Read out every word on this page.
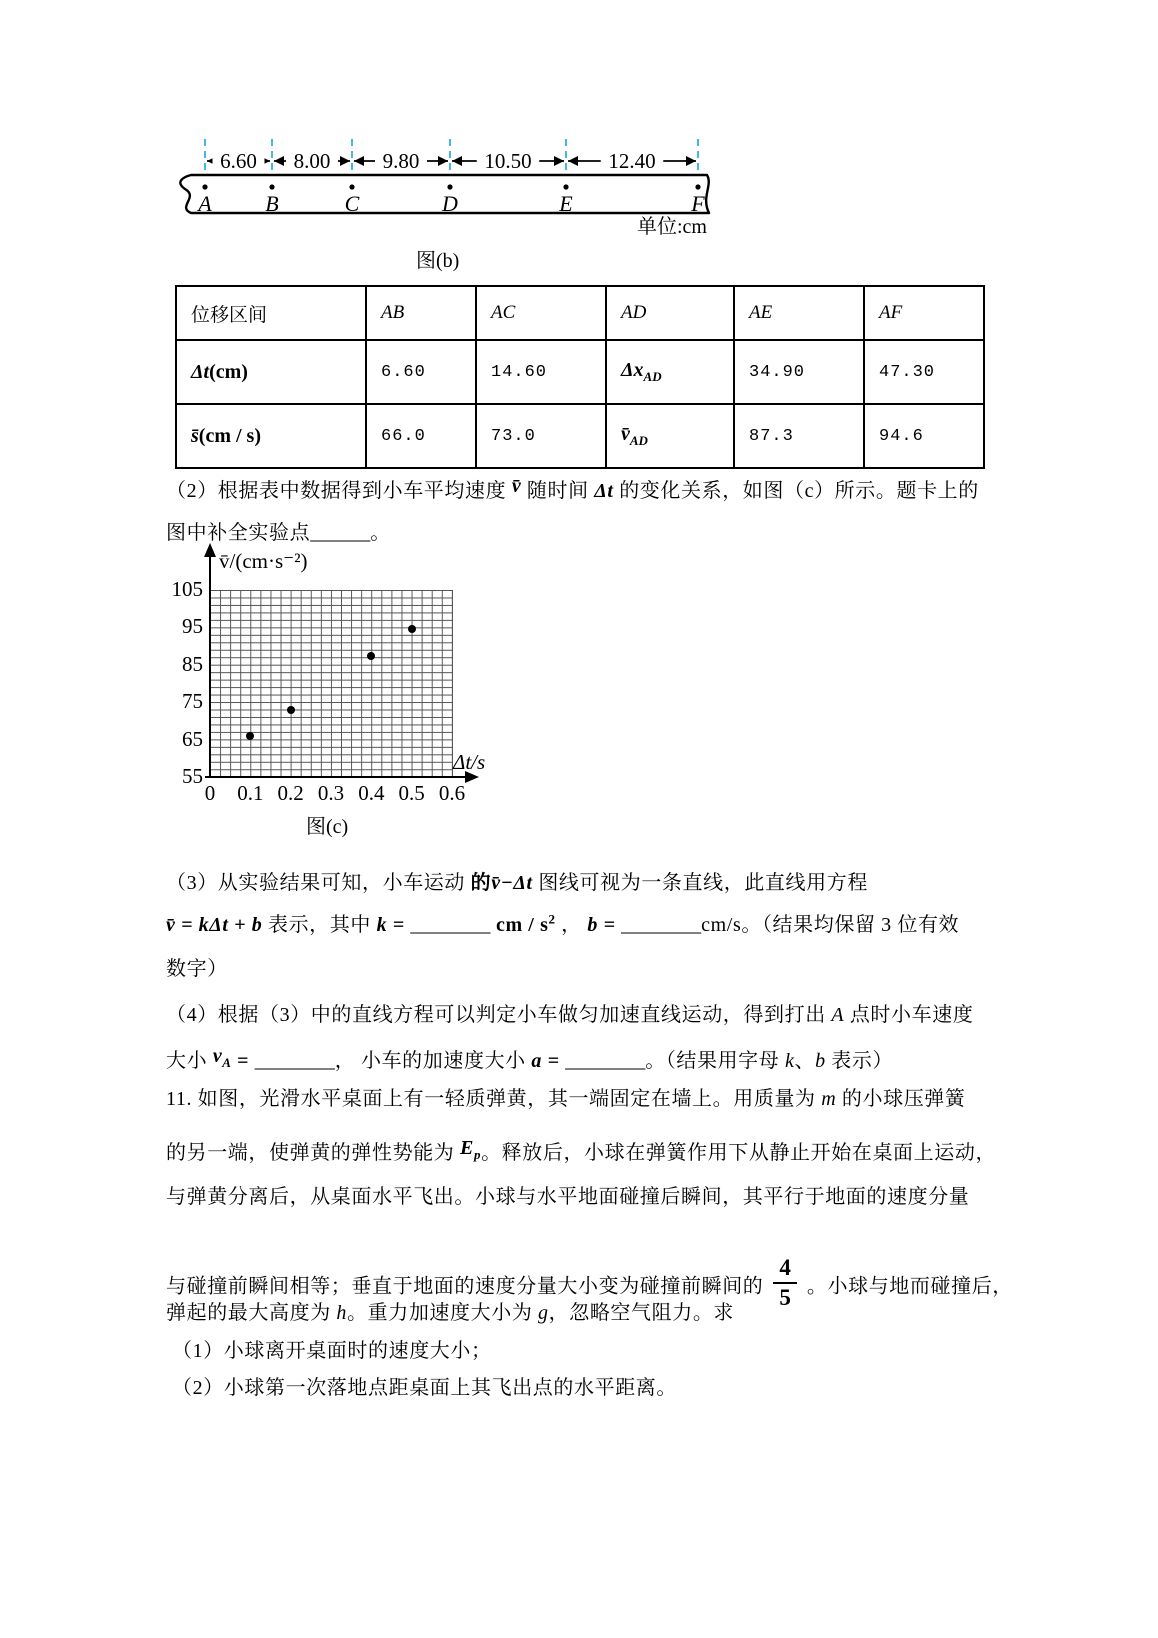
6.60 8.00 9.80	10.50	12.40
A B	C	D	E	F
单位:cm
图(b)
位移区间	AB	AC	AD	AE	AF
Δt(cm)	6.60	14.60	$\Delta x_{AD}$	34.90	47.30
s̄(cm / s)	66.0	73.0	$v̄_{AD}$	87.3	94.6
（2）根据表中数据得到小车平均速度 v̄ 随时间 Δt 的变化关系，如图（c）所示。题卡上的
图中补全实验点______。
v̄/(cm·s⁻²)
Δt/s
105
95
85
75
65
55
0	0.1 0.2 0.3 0.4 0.5 0.6
图(c)
（3）从实验结果可知，小车运动 的v̄−Δt 图线可视为一条直线，此直线用方程
v̄ = kΔt + b 表示，其中 k = ________ cm / $s^2$ ， b = ________cm/s。（结果均保留 3 位有效
数字）
（4）根据（3）中的直线方程可以判定小车做匀加速直线运动，得到打出 A 点时小车速度
大小 $v_A$ = ________， 小车的加速度大小 a = ________。（结果用字母 k、b 表示）
11. 如图，光滑水平桌面上有一轻质弹黄，其一端固定在墙上。用质量为 m 的小球压弹簧
的另一端，使弹黄的弹性势能为 $E_p$。释放后，小球在弹簧作用下从静止开始在桌面上运动，
与弹黄分离后，从桌面水平飞出。小球与水平地面碰撞后瞬间，其平行于地面的速度分量
与碰撞前瞬间相等；垂直于地面的速度分量大小变为碰撞前瞬间的 $\frac{4}{5}$ 。小球与地而碰撞后，
弹起的最大高度为 h。重力加速度大小为 g，忽略空气阻力。求
（1）小球离开桌面时的速度大小；
（2）小球第一次落地点距桌面上其飞出点的水平距离。
